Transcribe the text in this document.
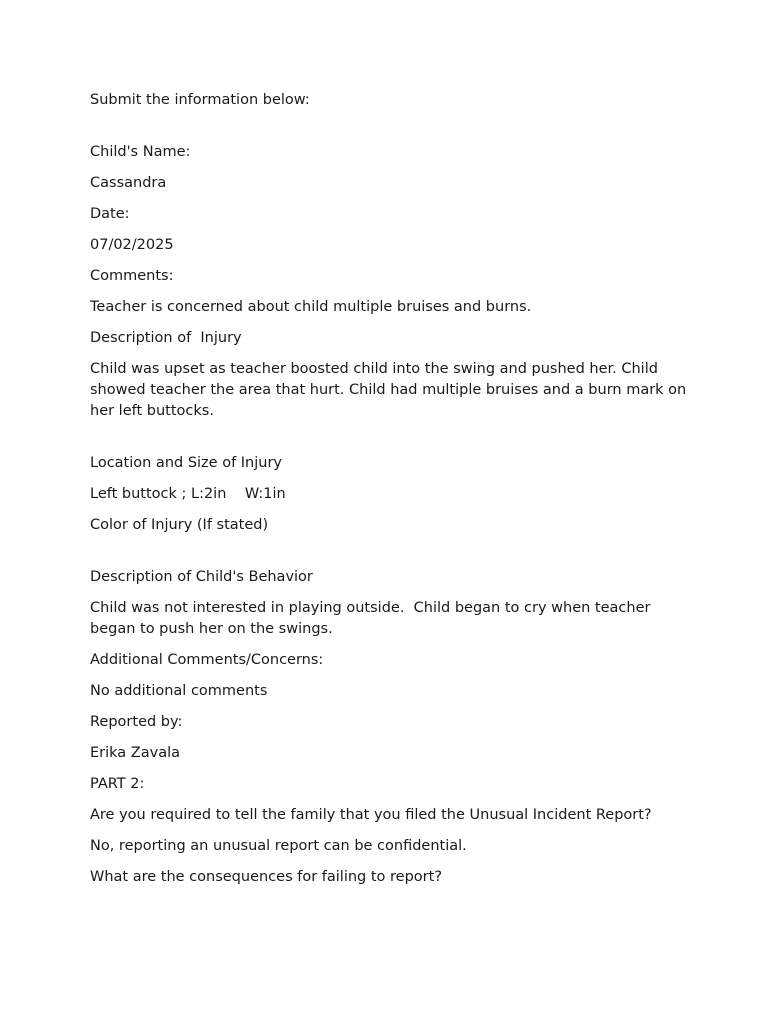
Submit the information below:

Child's Name:

Cassandra

Date:

07/02/2025

Comments:

Teacher is concerned about child multiple bruises and burns.

Description of  Injury

Child was upset as teacher boosted child into the swing and pushed her. Child showed teacher the area that hurt. Child had multiple bruises and a burn mark on her left buttocks.

Location and Size of Injury

Left buttock ; L:2in    W:1in

Color of Injury (If stated)

Description of Child's Behavior

Child was not interested in playing outside.  Child began to cry when teacher began to push her on the swings.

Additional Comments/Concerns:

No additional comments

Reported by:

Erika Zavala

PART 2:

Are you required to tell the family that you filed the Unusual Incident Report?

No, reporting an unusual report can be confidential.

What are the consequences for failing to report?
